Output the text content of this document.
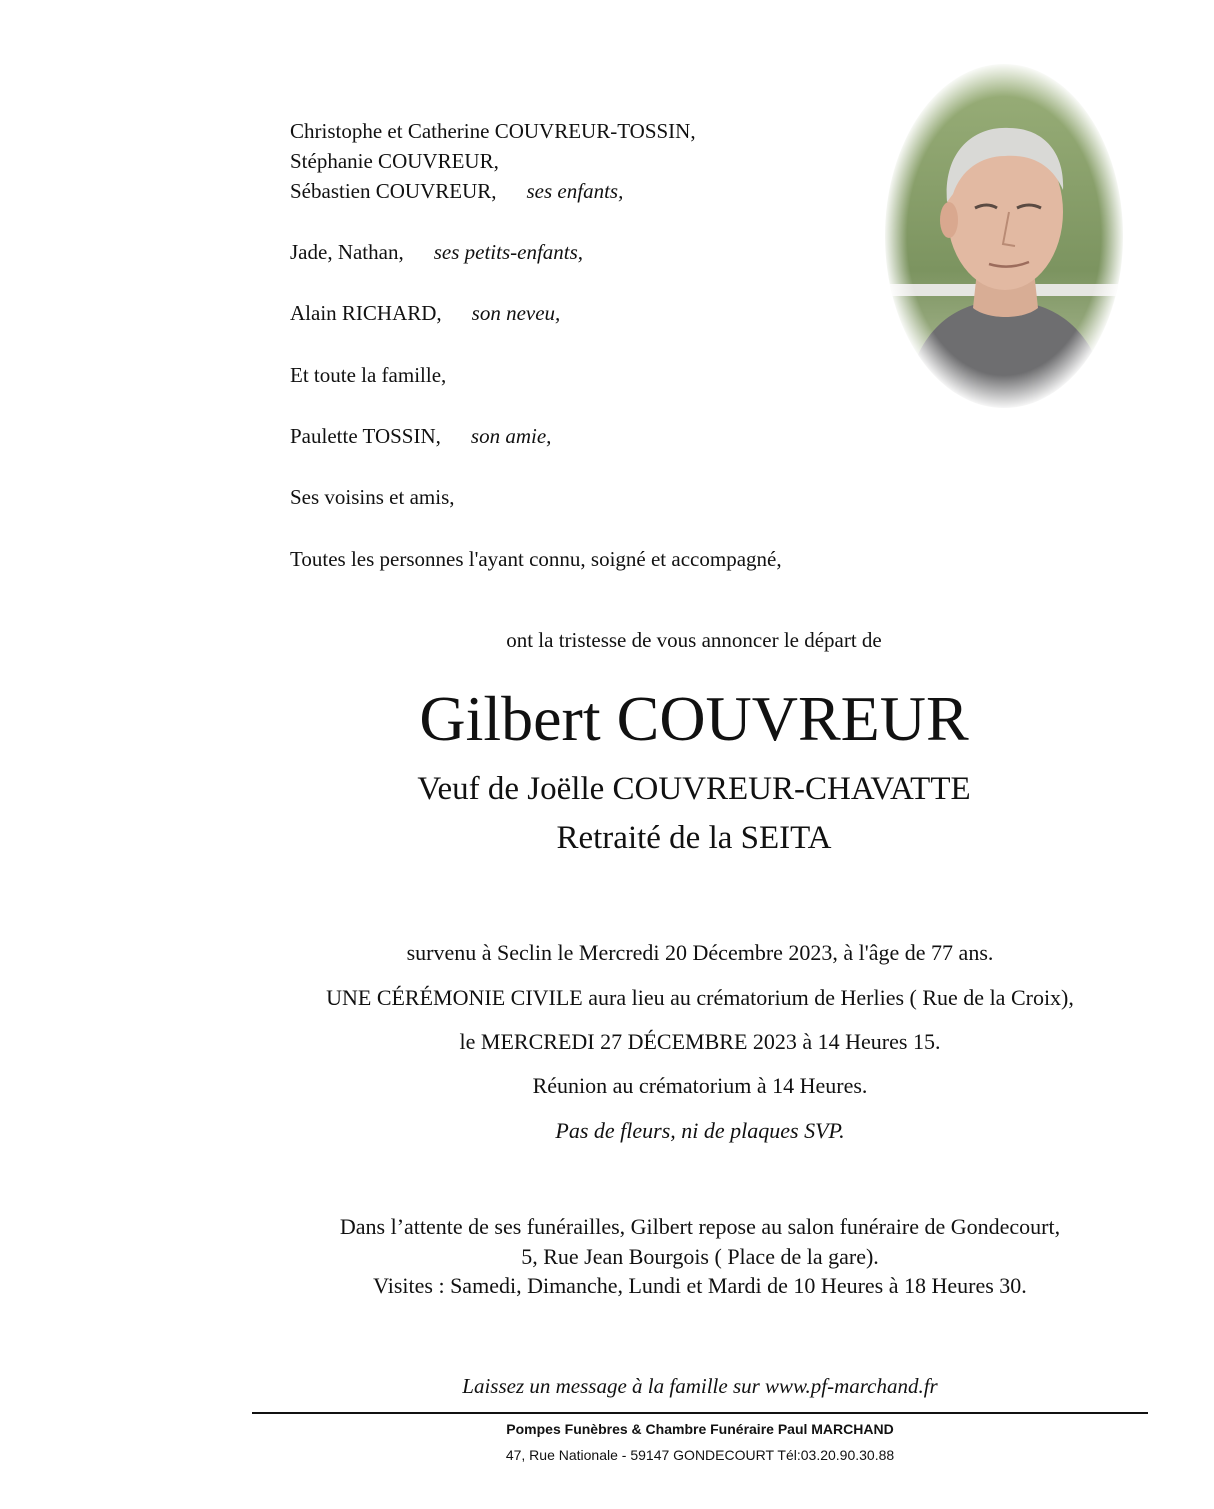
Christophe et Catherine COUVREUR-TOSSIN,
Stéphanie COUVREUR,
Sébastien COUVREUR, ses enfants,
Jade, Nathan, ses petits-enfants,
Alain RICHARD, son neveu,
Et toute la famille,
Paulette TOSSIN, son amie,
Ses voisins et amis,
Toutes les personnes l'ayant connu, soigné et accompagné,
ont la tristesse de vous annoncer le départ de
Gilbert COUVREUR
Veuf de Joëlle COUVREUR-CHAVATTE
Retraité de la SEITA
survenu à Seclin le Mercredi 20 Décembre 2023, à l'âge de 77 ans.
UNE CÉRÉMONIE CIVILE aura lieu au crématorium de Herlies ( Rue de la Croix),
le MERCREDI 27 DÉCEMBRE 2023 à 14 Heures 15.
Réunion au crématorium à 14 Heures.
Pas de fleurs, ni de plaques SVP.
Dans l’attente de ses funérailles, Gilbert repose au salon funéraire de Gondecourt,
5, Rue Jean Bourgois ( Place de la gare).
Visites : Samedi, Dimanche, Lundi et Mardi de 10 Heures à 18 Heures 30.
Laissez un message à la famille sur www.pf-marchand.fr
Pompes Funèbres & Chambre Funéraire Paul MARCHAND
47, Rue Nationale - 59147 GONDECOURT Tél:03.20.90.30.88
